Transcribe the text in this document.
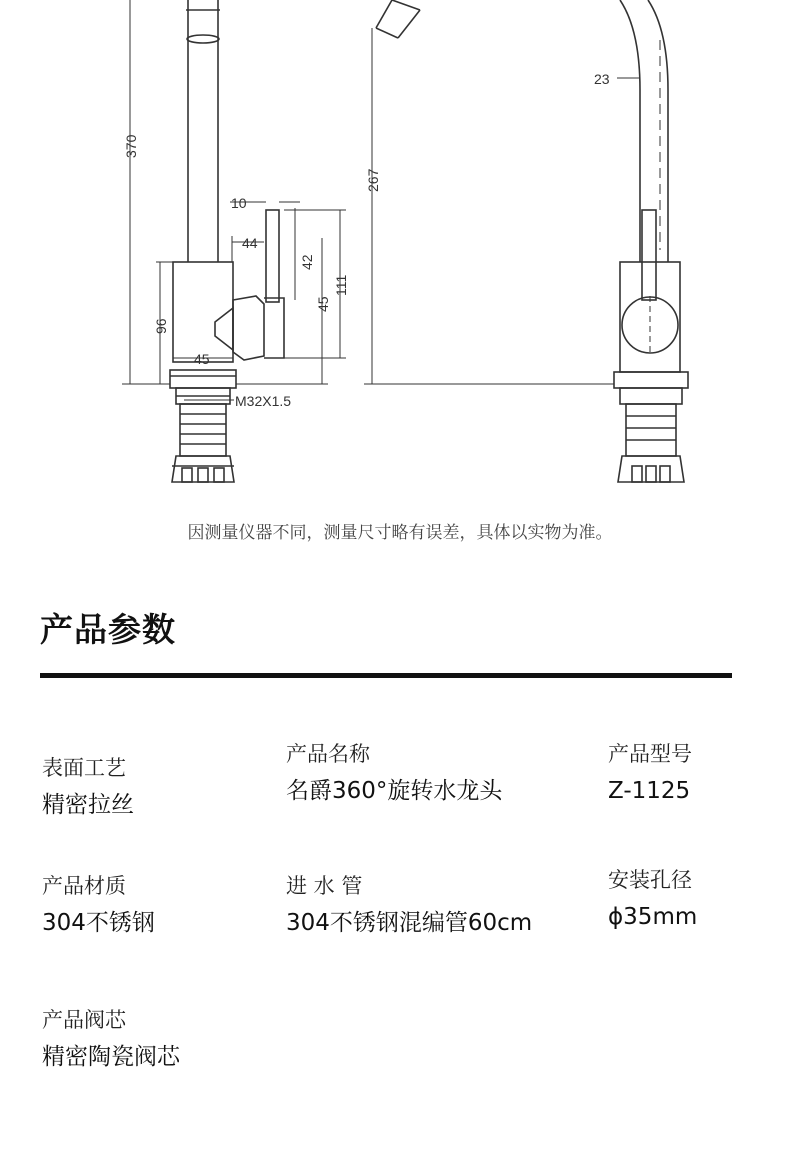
370
96
45
10
44
42
45
111
M32X1.5
267
23
因测量仪器不同，测量尺寸略有误差，具体以实物为准。
产品参数
表面工艺
精密拉丝
产品名称
名爵360°旋转水龙头
产品型号
Z-1125
产品材质
304不锈钢
进 水 管
304不锈钢混编管60cm
安装孔径
ϕ35mm
产品阀芯
精密陶瓷阀芯
